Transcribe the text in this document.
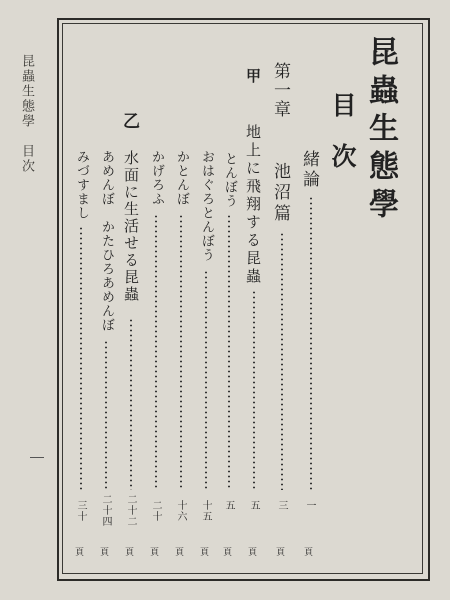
昆蟲生態學　目次	昆蟲生態學
目次
緒論
一
第一章
池沼篇
三
甲
地上に飛翔する昆蟲
五
とんぼう
五
おはぐろとんぼう
十五
かとんぼ
十六
かげろふ
二十
乙
水面に生活せる昆蟲
二十二
あめんぼ　かたひろあめんぼ
二十四
みづすまし
三十
頁
頁
頁
頁
頁
頁
頁
頁
頁
頁
